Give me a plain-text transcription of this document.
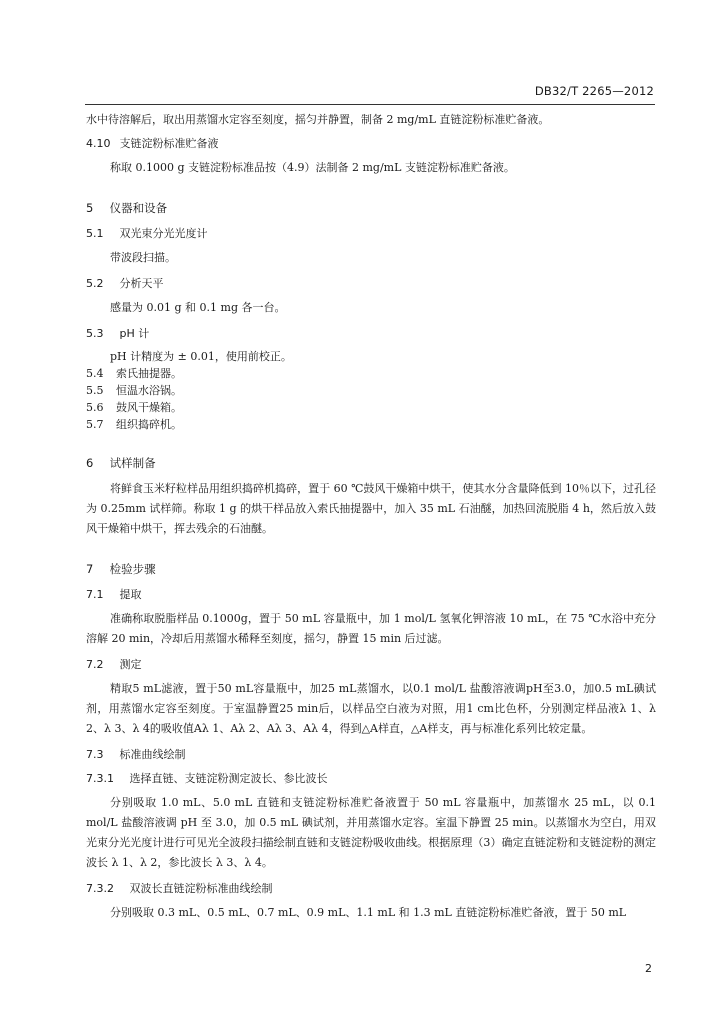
DB32/T 2265—2012
水中待溶解后，取出用蒸馏水定容至刻度，摇匀并静置，制备 2 mg/mL 直链淀粉标准贮备液。
4.10 支链淀粉标准贮备液
称取 0.1000 g 支链淀粉标准品按（4.9）法制备 2 mg/mL 支链淀粉标准贮备液。
5 仪器和设备
5.1 双光束分光光度计
带波段扫描。
5.2 分析天平
感量为 0.01 g 和 0.1 mg 各一台。
5.3 pH 计
pH 计精度为 ± 0.01，使用前校正。
5.4	索氏抽提器。
5.5	恒温水浴锅。
5.6	鼓风干燥箱。
5.7	组织捣碎机。
6 试样制备
将鲜食玉米籽粒样品用组织捣碎机捣碎，置于 60 ℃鼓风干燥箱中烘干，使其水分含量降低到 10％以下，过孔径为 0.25mm 试样筛。称取 1 g 的烘干样品放入索氏抽提器中，加入 35 mL 石油醚，加热回流脱脂 4 h，然后放入鼓风干燥箱中烘干，挥去残余的石油醚。
7 检验步骤
7.1 提取
准确称取脱脂样品 0.1000g，置于 50 mL 容量瓶中，加 1 mol/L 氢氧化钾溶液 10 mL，在 75 ℃水浴中充分溶解 20 min，冷却后用蒸馏水稀释至刻度，摇匀，静置 15 min 后过滤。
7.2 测定
精取5 mL滤液，置于50 mL容量瓶中，加25 mL蒸馏水，以0.1 mol/L 盐酸溶液调pH至3.0，加0.5 mL碘试剂，用蒸馏水定容至刻度。于室温静置25 min后，以样品空白液为对照，用1 cm比色杯，分别测定样品液λ 1、λ 2、λ 3、λ 4的吸收值Aλ 1、Aλ 2、Aλ 3、Aλ 4，得到△A样直，△A样支，再与标准化系列比较定量。
7.3 标准曲线绘制
7.3.1 选择直链、支链淀粉测定波长、参比波长
分别吸取 1.0 mL、5.0 mL 直链和支链淀粉标准贮备液置于 50 mL 容量瓶中，加蒸馏水 25 mL，以 0.1 mol/L 盐酸溶液调 pH 至 3.0，加 0.5 mL 碘试剂，并用蒸馏水定容。室温下静置 25 min。以蒸馏水为空白，用双光束分光光度计进行可见光全波段扫描绘制直链和支链淀粉吸收曲线。根据原理（3）确定直链淀粉和支链淀粉的测定波长 λ 1、λ 2，参比波长 λ 3、λ 4。
7.3.2 双波长直链淀粉标准曲线绘制
分别吸取 0.3 mL、0.5 mL、0.7 mL、0.9 mL、1.1 mL 和 1.3 mL 直链淀粉标准贮备液，置于 50 mL
2
